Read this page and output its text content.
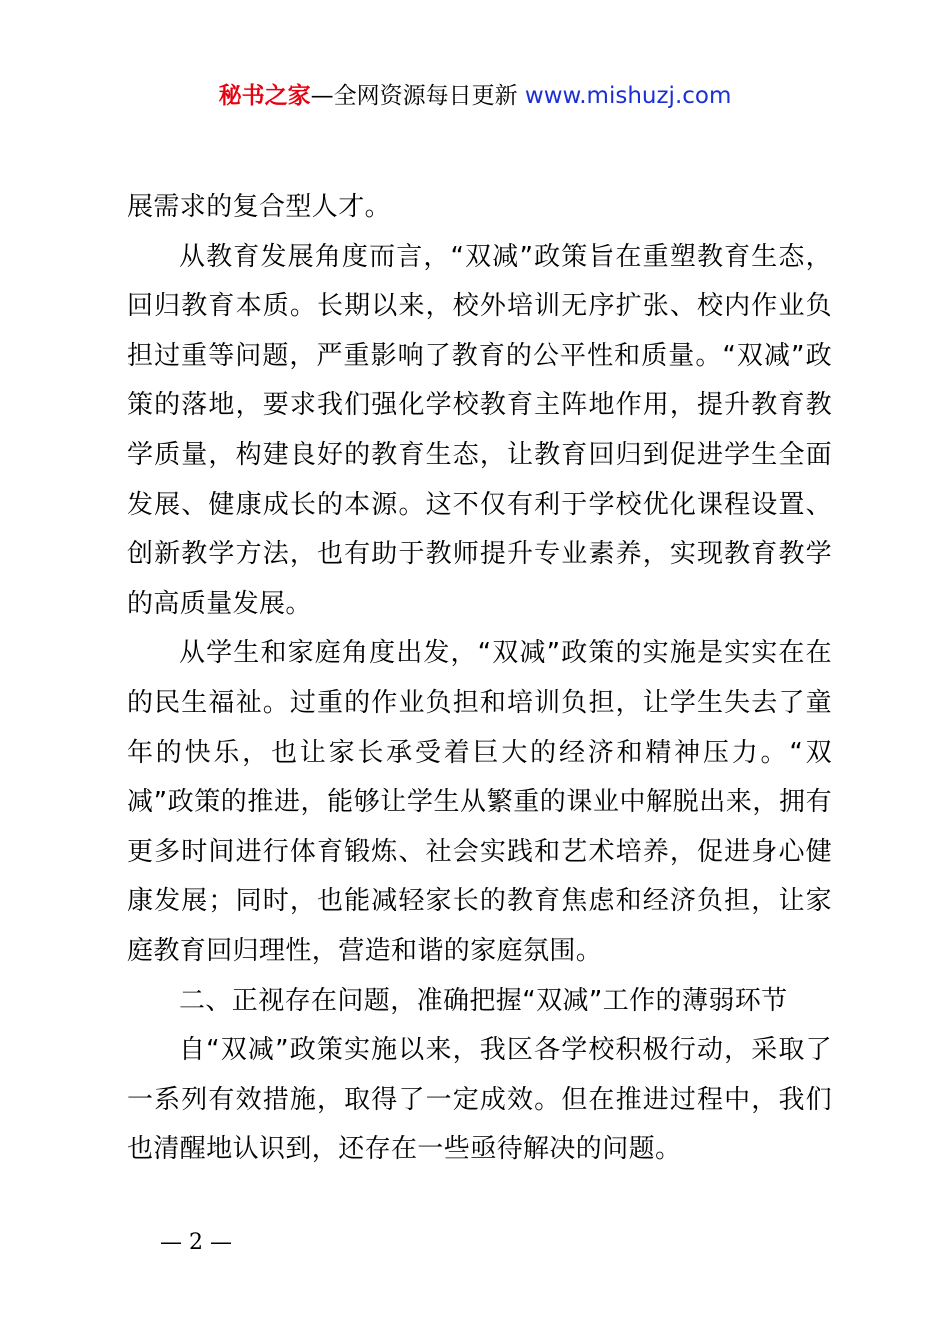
秘书之家—全网资源每日更新 www.mishuzj.com

展需求的复合型人才。

从教育发展角度而言，“双减”政策旨在重塑教育生态，回归教育本质。长期以来，校外培训无序扩张、校内作业负担过重等问题，严重影响了教育的公平性和质量。“双减”政策的落地，要求我们强化学校教育主阵地作用，提升教育教学质量，构建良好的教育生态，让教育回归到促进学生全面发展、健康成长的本源。这不仅有利于学校优化课程设置、创新教学方法，也有助于教师提升专业素养，实现教育教学的高质量发展。

从学生和家庭角度出发，“双减”政策的实施是实实在在的民生福祉。过重的作业负担和培训负担，让学生失去了童年的快乐，也让家长承受着巨大的经济和精神压力。“双减”政策的推进，能够让学生从繁重的课业中解脱出来，拥有更多时间进行体育锻炼、社会实践和艺术培养，促进身心健康发展；同时，也能减轻家长的教育焦虑和经济负担，让家庭教育回归理性，营造和谐的家庭氛围。

二、正视存在问题，准确把握“双减”工作的薄弱环节

自“双减”政策实施以来，我区各学校积极行动，采取了一系列有效措施，取得了一定成效。但在推进过程中，我们也清醒地认识到，还存在一些亟待解决的问题。

— 2 —
